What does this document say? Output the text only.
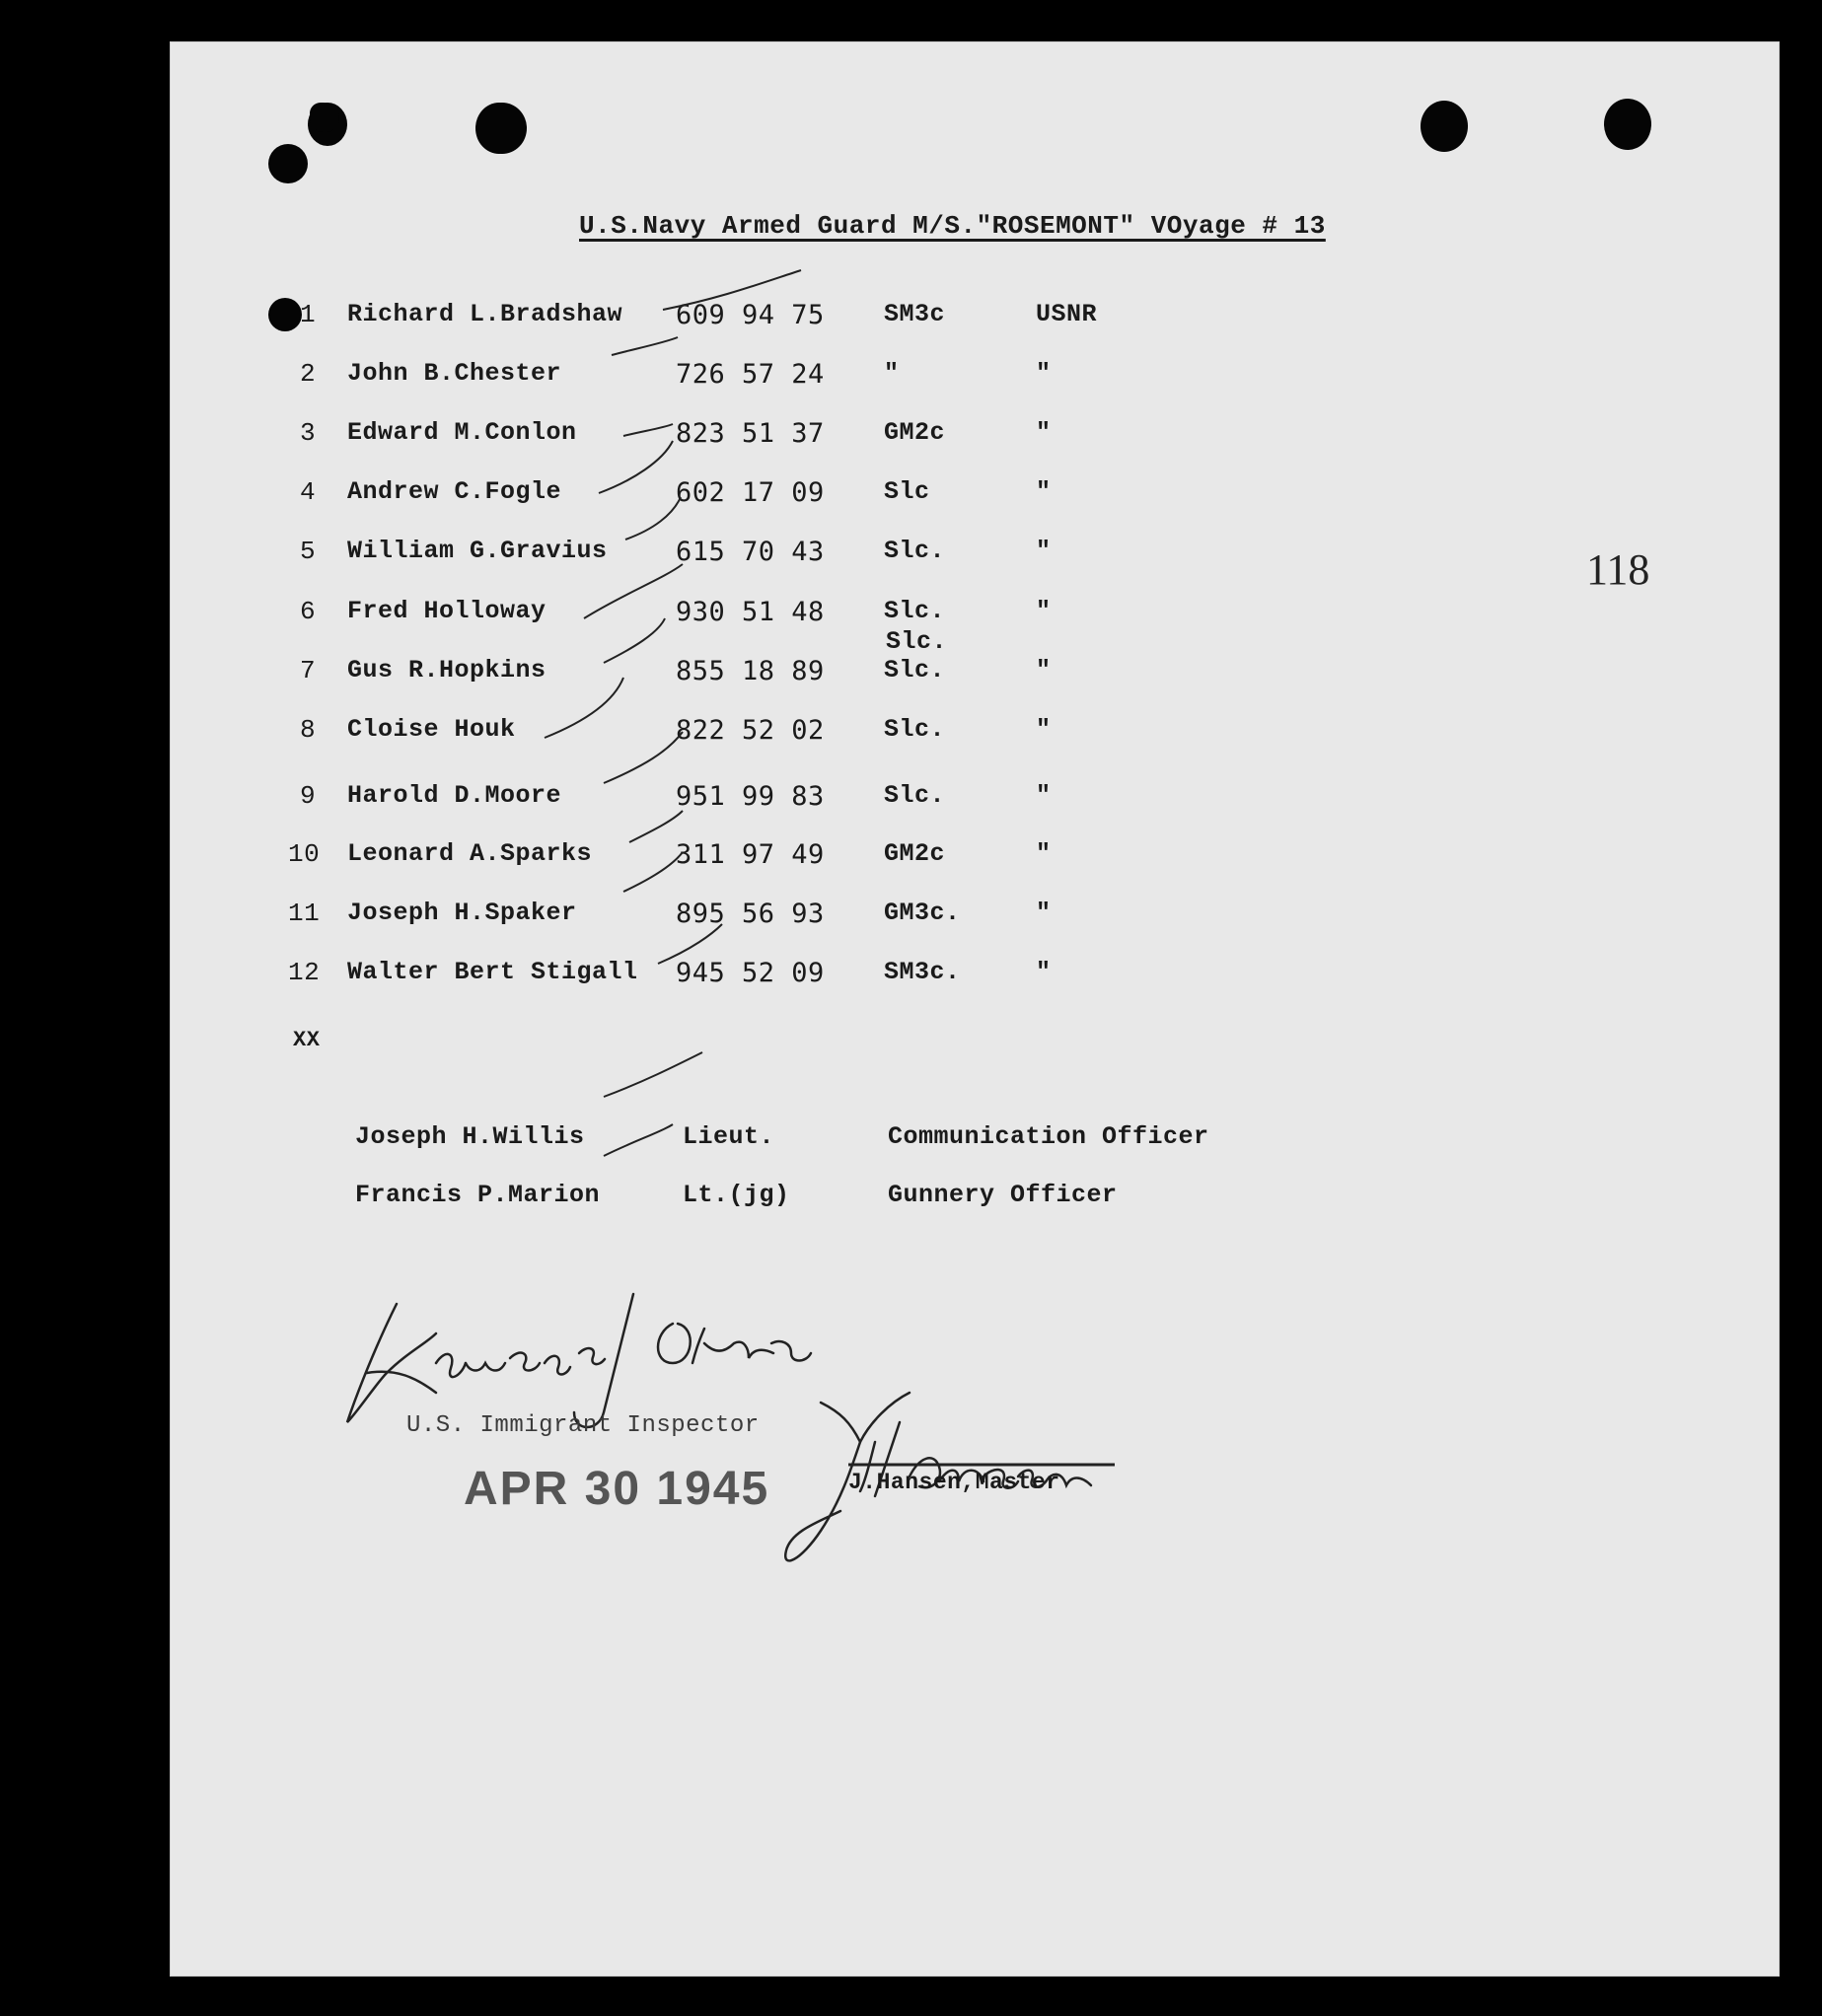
U.S.Navy Armed Guard M/S."ROSEMONT" VOyage # 13
118
1 Richard L.Bradshaw 609 94 75 SM3c	USNR
2 John B.Chester	726 57 24 "	"
3 Edward M.Conlon	823 51 37 GM2c	"
4 Andrew C.Fogle	602 17 09 Slc	"
5 William G.Gravius	615 70 43 Slc.	"
6 Fred Holloway	930 51 48 Slc.	"
7 Gus R.Hopkins	855 18 89 Slc.	"
8 Cloise Houk	822 52 02 Slc.	"
9 Harold D.Moore	951 99 83 Slc.	"
10 Leonard A.Sparks	311 97 49 GM2c	"
11 Joseph H.Spaker	895 56 93 GM3c.	"
12 Walter Bert Stigall 945 52 09 SM3c.	"
Slc.
XX
Joseph H.Willis	Lieut.	Communication Officer
Francis P.Marion	Lt.(jg)	Gunnery Officer
U.S. Immigrant Inspector
APR 30 1945	J.Hansen,Master
